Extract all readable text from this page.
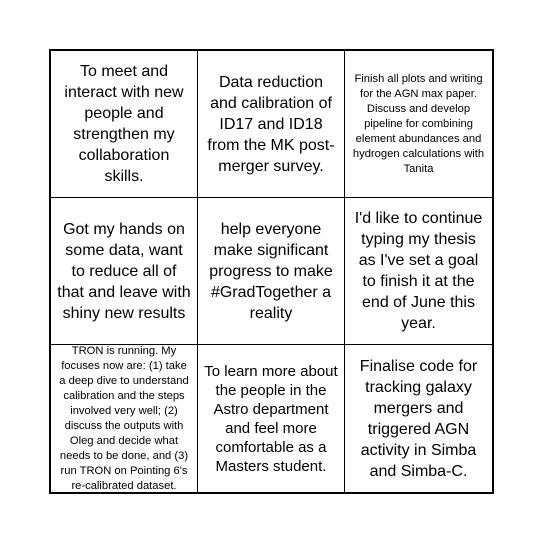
To meet and interact with new people and strengthen my collaboration skills.
Data reduction and calibration of ID17 and ID18 from the MK post-merger survey.
Finish all plots and writing for the AGN max paper. Discuss and develop pipeline for combining element abundances and hydrogen calculations with Tanita
Got my hands on some data, want to reduce all of that and leave with shiny new results
help everyone make significant progress to make #GradTogether a reality
I'd like to continue typing my thesis as I've set a goal to finish it at the end of June this year.
TRON is running. My focuses now are: (1) take a deep dive to understand calibration and the steps involved very well; (2) discuss the outputs with Oleg and decide what needs to be done, and (3) run TRON on Pointing 6's re-calibrated dataset.
To learn more about the people in the Astro department and feel more comfortable as a Masters student.
Finalise code for tracking galaxy mergers and triggered AGN activity in Simba and Simba-C.
